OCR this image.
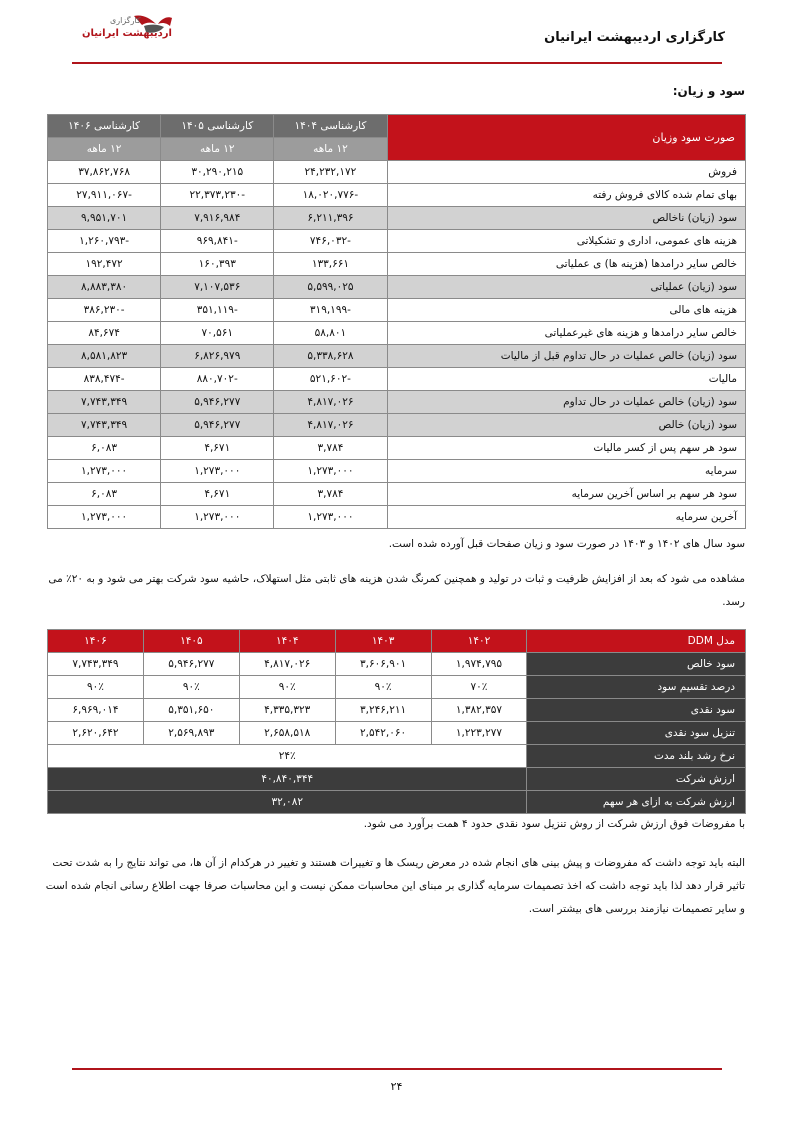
کارگزاری
اردیبهشت ایرانیان	کارگزاری اردیبهشت ایرانیان
سود و زیان:
صورت سود وزیان	کارشناسی ۱۴۰۴	کارشناسی ۱۴۰۵	کارشناسی ۱۴۰۶
	۱۲ ماهه	۱۲ ماهه	۱۲ ماهه
فروش	۲۴,۲۳۲,۱۷۲	۳۰,۲۹۰,۲۱۵	۳۷,۸۶۲,۷۶۸
بهای تمام شده کالای فروش رفته	-۱۸,۰۲۰,۷۷۶	-۲۲,۳۷۳,۲۳۰	-۲۷,۹۱۱,۰۶۷
سود (زیان) ناخالص	۶,۲۱۱,۳۹۶	۷,۹۱۶,۹۸۴	۹,۹۵۱,۷۰۱
هزینه های عمومی، اداری و تشکیلاتی	-۷۴۶,۰۳۲	-۹۶۹,۸۴۱	-۱,۲۶۰,۷۹۳
خالص سایر درامدها (هزینه ها) ی عملیاتی	۱۳۳,۶۶۱	۱۶۰,۳۹۳	۱۹۲,۴۷۲
سود (زیان) عملیاتی	۵,۵۹۹,۰۲۵	۷,۱۰۷,۵۳۶	۸,۸۸۳,۳۸۰
هزینه های مالی	-۳۱۹,۱۹۹	-۳۵۱,۱۱۹	-۳۸۶,۲۳۰
خالص سایر درامدها و هزینه های غیرعملیاتی	۵۸,۸۰۱	۷۰,۵۶۱	۸۴,۶۷۴
سود (زیان) خالص عملیات در حال تداوم قبل از مالیات	۵,۳۳۸,۶۲۸	۶,۸۲۶,۹۷۹	۸,۵۸۱,۸۲۳
مالیات	-۵۲۱,۶۰۲	-۸۸۰,۷۰۲	-۸۳۸,۴۷۴
سود (زیان) خالص عملیات در حال تداوم	۴,۸۱۷,۰۲۶	۵,۹۴۶,۲۷۷	۷,۷۴۳,۳۴۹
سود (زیان) خالص	۴,۸۱۷,۰۲۶	۵,۹۴۶,۲۷۷	۷,۷۴۳,۳۴۹
سود هر سهم پس از کسر مالیات	۳,۷۸۴	۴,۶۷۱	۶,۰۸۳
سرمایه	۱,۲۷۳,۰۰۰	۱,۲۷۳,۰۰۰	۱,۲۷۳,۰۰۰
سود هر سهم بر اساس آخرین سرمایه	۳,۷۸۴	۴,۶۷۱	۶,۰۸۳
آخرین سرمایه	۱,۲۷۳,۰۰۰	۱,۲۷۳,۰۰۰	۱,۲۷۳,۰۰۰
سود سال های ۱۴۰۲ و ۱۴۰۳ در صورت سود و زیان صفحات قبل آورده شده است.
مشاهده می شود که بعد از افزایش ظرفیت و ثبات در تولید و همچنین کمرنگ شدن هزینه های ثابتی مثل استهلاک، حاشیه سود شرکت بهتر می شود و به ۲۰٪ می رسد.
مدل DDM	۱۴۰۲	۱۴۰۳	۱۴۰۴	۱۴۰۵	۱۴۰۶
سود خالص	۱,۹۷۴,۷۹۵	۳,۶۰۶,۹۰۱	۴,۸۱۷,۰۲۶	۵,۹۴۶,۲۷۷	۷,۷۴۳,۳۴۹
درصد تقسیم سود	۷۰٪	۹۰٪	۹۰٪	۹۰٪	۹۰٪
سود نقدی	۱,۳۸۲,۳۵۷	۳,۲۴۶,۲۱۱	۴,۳۳۵,۳۲۳	۵,۳۵۱,۶۵۰	۶,۹۶۹,۰۱۴
تنزیل سود نقدی	۱,۲۲۳,۲۷۷	۲,۵۴۲,۰۶۰	۲,۶۵۸,۵۱۸	۲,۵۶۹,۸۹۳	۲,۶۲۰,۶۴۲
نرخ رشد بلند مدت	۲۴٪				
ارزش شرکت	۴۰,۸۴۰,۳۴۴				
ارزش شرکت به ازای هر سهم	۳۲,۰۸۲				
با مفروضات فوق ارزش شرکت از روش تنزیل سود نقدی حدود ۴ همت برآورد می شود.
البته باید توجه داشت که مفروضات و پیش بینی های انجام شده در معرض ریسک ها و تغییرات هستند و تغییر در هرکدام از آن ها، می تواند نتایج را به شدت تحت تاثیر قرار دهد لذا باید توجه داشت که اخذ تصمیمات سرمایه گذاری بر مبنای این محاسبات ممکن نیست و این محاسبات صرفا جهت اطلاع رسانی انجام شده است و سایر تصمیمات نیازمند بررسی های بیشتر است.
۲۴
